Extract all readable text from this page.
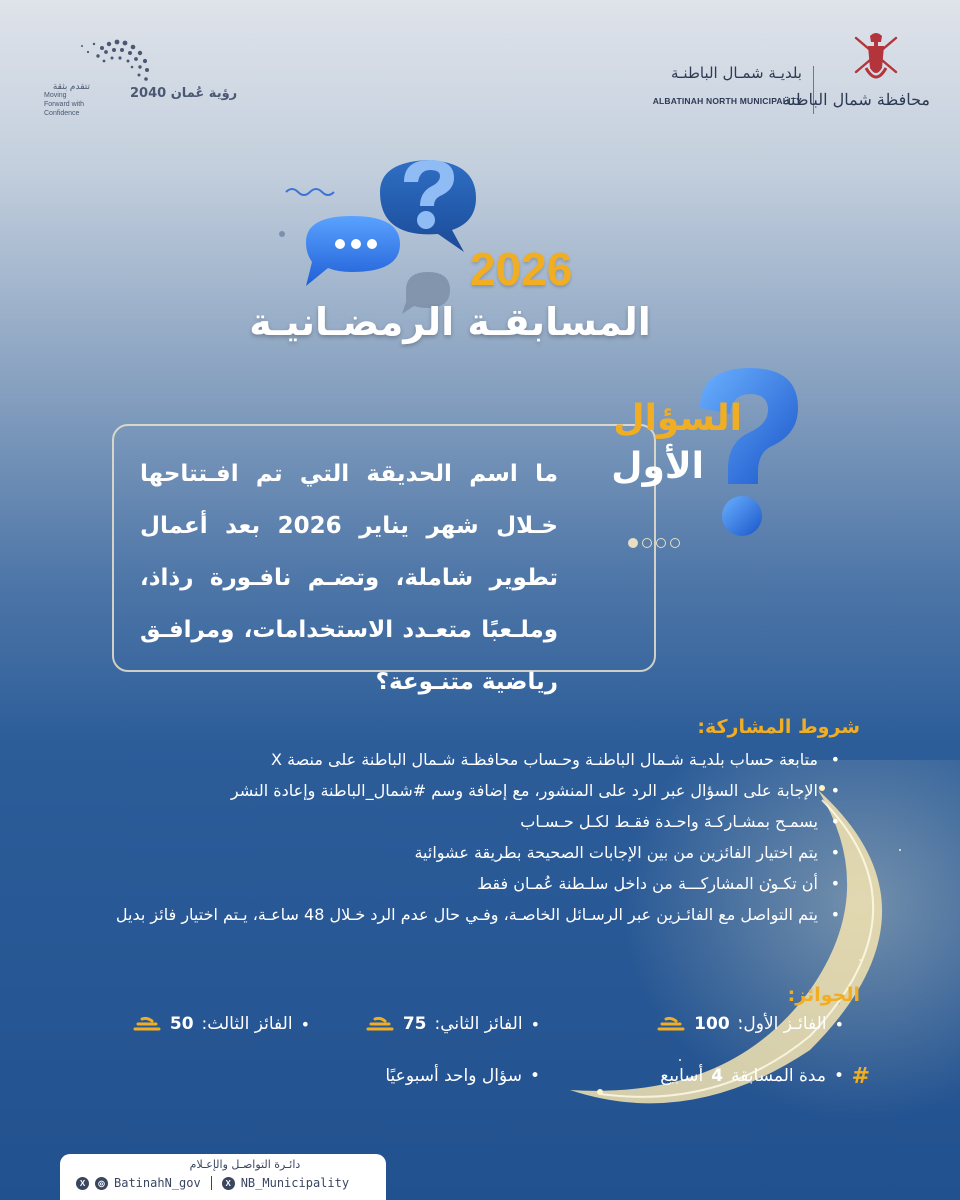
رؤية عُمان 2040
تتقدم بثقة
Moving Forward with Confidence
بلديـة شمـال الباطنـة
ALBATINAH NORTH MUNICIPALITY
محافظة شمال الباطنة
2026
المسابقـة الرمضـانيـة
ما اسم الحديقة التي تم افـتتاحها خـلال شهر يناير 2026 بعد أعمال تطوير شاملة، وتضـم نافـورة رذاذ، وملـعبًا متعـدد الاستخدامات، ومرافـق رياضية متنـوعة؟
السؤال
الأول
شروط المشاركة:
• متابعة حساب بلديـة شـمال الباطنـة وحـساب محافظـة شـمال الباطنة على منصة X
• الإجابة على السؤال عبر الرد على المنشور، مع إضافة وسم #شمال_الباطنة وإعادة النشر
• يسمـح بمشـاركـة واحـدة فقـط لكـل حـسـاب
• يتم اختيار الفائزين من بين الإجابات الصحيحة بطريقة عشوائية
• أن تكـون المشاركـــة من داخل سلـطنة عُمـان فقط
• يتم التواصل مع الفائـزين عبر الرسـائل الخاصـة، وفـي حال عدم الرد خـلال 48 ساعـة، يـتم اختيار فائز بديل
الجوائز:
•
الفائـز الأول:
100
•
الفائز الثاني:
75
•
الفائز الثالث:
50
•
مدة المسابقة
4
أسابيع	#
•
سؤال واحد أسبوعيًا
دائـرة التواصـل والإعـلام
X	◎ BatinahN_gov	X NB_Municipality
